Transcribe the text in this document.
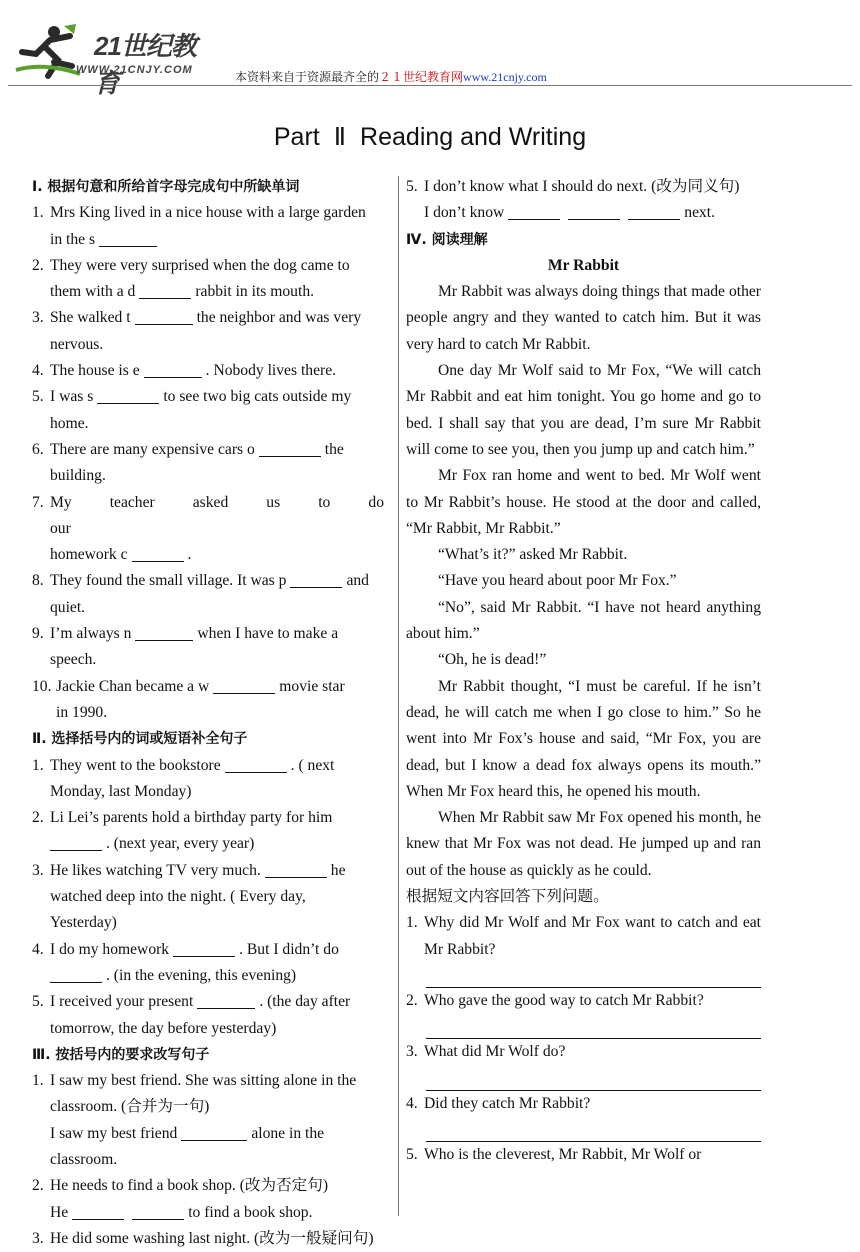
21世纪教育
WWW.21CNJY.COM	本资料来自于资源最齐全的２１世纪教育网www.21cnjy.com
Part Ⅱ Reading and Writing
Ⅰ. 根据句意和所给首字母完成句中所缺单词
1. Mrs King lived in a nice house with a large garden
in the s
2. They were very surprised when the dog came to
them with a d	rabbit in its mouth.
3. She walked t	the neighbor and was very
nervous.
4. The house is e	. Nobody lives there.
5. I was s	to see two big cats outside my
home.
6. There are many expensive cars o	the
building.
7. My teacher asked us to do our
homework c	.
8. They found the small village. It was p	and
quiet.
9. I’m always n	when I have to make a
speech.
10. Jackie Chan became a w	movie star
in 1990.
Ⅱ. 选择括号内的词或短语补全句子
1. They went to the bookstore	. ( next
Monday, last Monday)
2. Li Lei’s parents hold a birthday party for him
. (next year, every year)
3. He likes watching TV very much.	he
watched deep into the night. ( Every day,
Yesterday)
4. I do my homework	. But I didn’t do
. (in the evening, this evening)
5. I received your present	. (the day after
tomorrow, the day before yesterday)
Ⅲ. 按括号内的要求改写句子
1. I saw my best friend. She was sitting alone in the
classroom. (合并为一句)
I saw my best friend	alone in the
classroom.
2. He needs to find a book shop. (改为否定句)
He	to find a book shop.
3. He did some washing last night. (改为一般疑问句)
5. I don’t know what I should do next. (改为同义句)
I don’t know	next.
Ⅳ. 阅读理解
Mr Rabbit
Mr Rabbit was always doing things that made other people angry and they wanted to catch him. But it was very hard to catch Mr Rabbit.
One day Mr Wolf said to Mr Fox, “We will catch Mr Rabbit and eat him tonight. You go home and go to bed. I shall say that you are dead, I’m sure Mr Rabbit will come to see you, then you jump up and catch him.”
Mr Fox ran home and went to bed. Mr Wolf went to Mr Rabbit’s house. He stood at the door and called, “Mr Rabbit, Mr Rabbit.”
“What’s it?” asked Mr Rabbit.
“Have you heard about poor Mr Fox.”
“No”, said Mr Rabbit. “I have not heard anything about him.”
“Oh, he is dead!”
Mr Rabbit thought, “I must be careful. If he isn’t dead, he will catch me when I go close to him.” So he went into Mr Fox’s house and said, “Mr Fox, you are dead, but I know a dead fox always opens its mouth.” When Mr Fox heard this, he opened his mouth.
When Mr Rabbit saw Mr Fox opened his month, he knew that Mr Fox was not dead. He jumped up and ran out of the house as quickly as he could.
根据短文内容回答下列问题。
1. Why did Mr Wolf and Mr Fox want to catch and eat Mr Rabbit?
2. Who gave the good way to catch Mr Rabbit?
3. What did Mr Wolf do?
4. Did they catch Mr Rabbit?
5. Who is the cleverest, Mr Rabbit, Mr Wolf or
